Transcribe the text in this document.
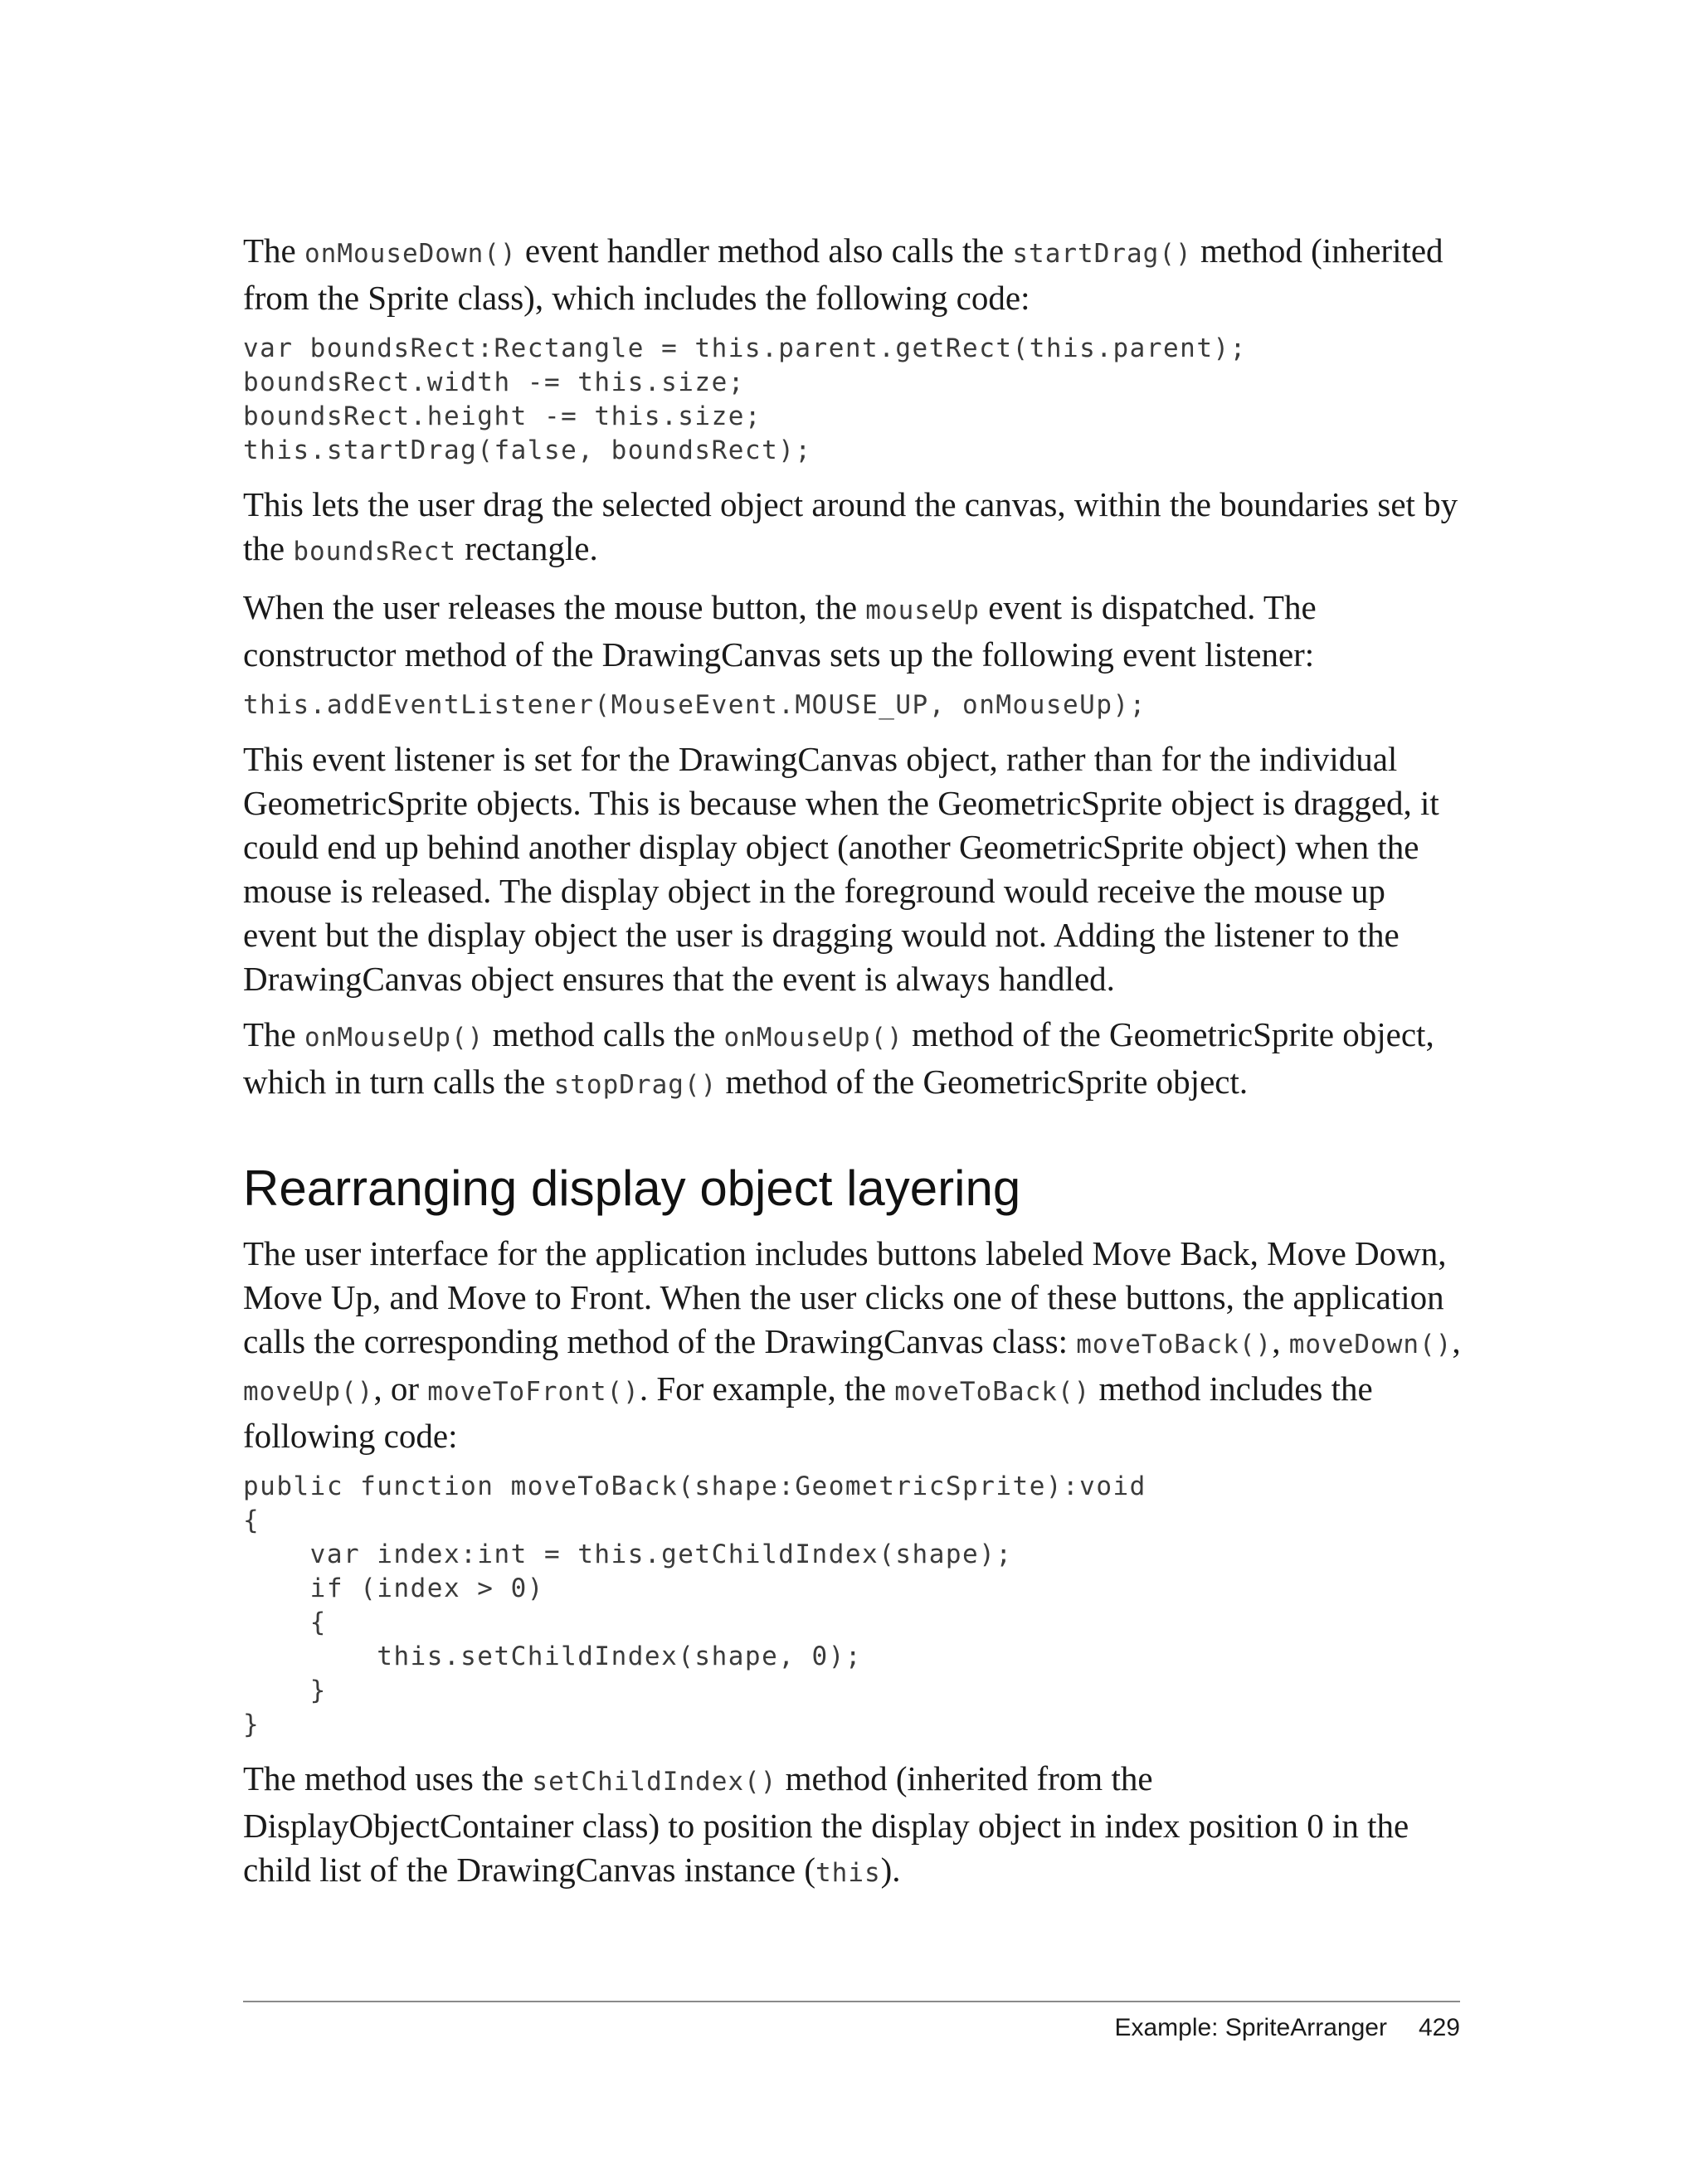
The onMouseDown() event handler method also calls the startDrag() method (inherited from the Sprite class), which includes the following code:

var boundsRect:Rectangle = this.parent.getRect(this.parent);
boundsRect.width -= this.size;
boundsRect.height -= this.size;
this.startDrag(false, boundsRect);

This lets the user drag the selected object around the canvas, within the boundaries set by the boundsRect rectangle.

When the user releases the mouse button, the mouseUp event is dispatched. The constructor method of the DrawingCanvas sets up the following event listener:

this.addEventListener(MouseEvent.MOUSE_UP, onMouseUp);

This event listener is set for the DrawingCanvas object, rather than for the individual GeometricSprite objects. This is because when the GeometricSprite object is dragged, it could end up behind another display object (another GeometricSprite object) when the mouse is released. The display object in the foreground would receive the mouse up event but the display object the user is dragging would not. Adding the listener to the DrawingCanvas object ensures that the event is always handled.

The onMouseUp() method calls the onMouseUp() method of the GeometricSprite object, which in turn calls the stopDrag() method of the GeometricSprite object.

Rearranging display object layering

The user interface for the application includes buttons labeled Move Back, Move Down, Move Up, and Move to Front. When the user clicks one of these buttons, the application calls the corresponding method of the DrawingCanvas class: moveToBack(), moveDown(), moveUp(), or moveToFront(). For example, the moveToBack() method includes the following code:

public function moveToBack(shape:GeometricSprite):void
{
var index:int = this.getChildIndex(shape);
if (index > 0)
{
this.setChildIndex(shape, 0);
}
}

The method uses the setChildIndex() method (inherited from the DisplayObjectContainer class) to position the display object in index position 0 in the child list of the DrawingCanvas instance (this).

Example: SpriteArranger 429
